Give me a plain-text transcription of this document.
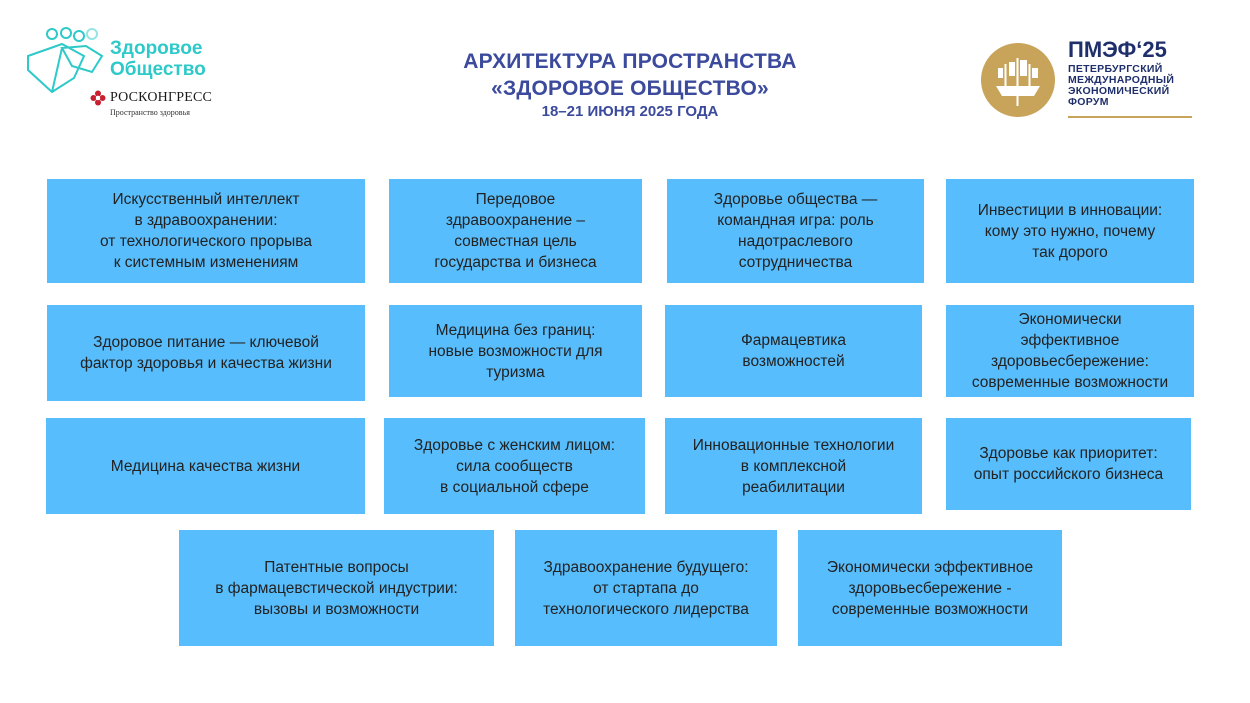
Здоровое
Общество
РОСКОНГРЕСС
Пространство здоровья
АРХИТЕКТУРА ПРОСТРАНСТВА
«ЗДОРОВОЕ ОБЩЕСТВО»
18–21 ИЮНЯ 2025 ГОДА
ПМЭФ‘25
ПЕТЕРБУРГСКИЙ
МЕЖДУНАРОДНЫЙ
ЭКОНОМИЧЕСКИЙ
ФОРУМ
Искусственный интеллект
в здравоохранении:
от технологического прорыва
к системным изменениям
Передовое
здравоохранение –
совместная цель
государства и бизнеса
Здоровье общества —
командная игра: роль
надотраслевого
сотрудничества
Инвестиции в инновации:
кому это нужно, почему
так дорого
Здоровое питание — ключевой
фактор здоровья и качества жизни
Медицина без границ:
новые возможности для
туризма
Фармацевтика
возможностей
Экономически
эффективное
здоровьесбережение:
современные возможности
Медицина качества жизни
Здоровье с женским лицом:
сила сообществ
в социальной сфере
Инновационные технологии
в комплексной
реабилитации
Здоровье как приоритет:
опыт российского бизнеса
Патентные вопросы
в фармацевстической индустрии:
вызовы и возможности
Здравоохранение будущего:
от стартапа до
технологического лидерства
Экономически эффективное
здоровьесбережение -
современные возможности
